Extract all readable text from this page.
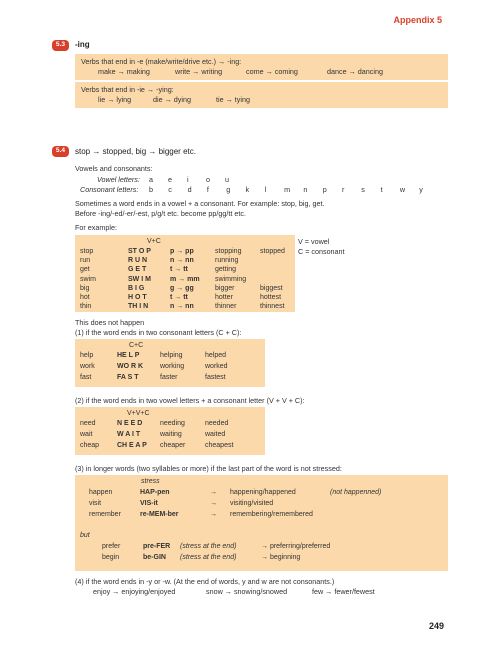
Appendix 5
5.3	-ing
Verbs that end in -e (make/write/drive etc.) → -ing:
make → making	write → writing	come → coming	dance → dancing
Verbs that end in -ie → -ying:
lie → lying	die → dying	tie → tying
5.4	stop → stopped, big → bigger etc.
Vowels and consonants:
Vowel letters: a e i o u
Consonant letters: b c d f g k l m n p r s t w y
Sometimes a word ends in a vowel + a consonant. For example: stop, big, get.
Before -ing/-ed/-er/-est, p/g/t etc. become pp/gg/tt etc.
For example:
V+C
stop	ST O P	p → pp	stopping	stopped
run	R U N	n → nn	running
get	G E T	t → tt	getting
swim	SW I M	m → mm swimming
big	B I G	g → gg	bigger	biggest
hot	H O T	t → tt	hotter	hottest
thin	TH I N	n → nn	thinner	thinnest
V = vowel
C = consonant
This does not happen
(1) if the word ends in two consonant letters (C + C):
C+C
help	HE L P	helping	helped
work	WO R K working	worked
fast	FA S T	faster	fastest
(2) if the word ends in two vowel letters + a consonant letter (V + V + C):
V+V+C
need	N E E D	needing	needed
wait	W A I T	waiting	waited
cheap	CH E A P cheaper	cheapest
(3) in longer words (two syllables or more) if the last part of the word is not stressed:
stress
happen	HAP-pen	→ happening/happened	(not happenned)
visit	VIS-it	→ visiting/visited
remember	re-MEM-ber	→ remembering/remembered
but
prefer	pre-FER (stress at the end)	→ preferring/preferred
begin	be-GIN (stress at the end)	→ beginning
(4) if the word ends in -y or -w. (At the end of words, y and w are not consonants.)
enjoy → enjoying/enjoyed	snow → snowing/snowed	few → fewer/fewest
249
